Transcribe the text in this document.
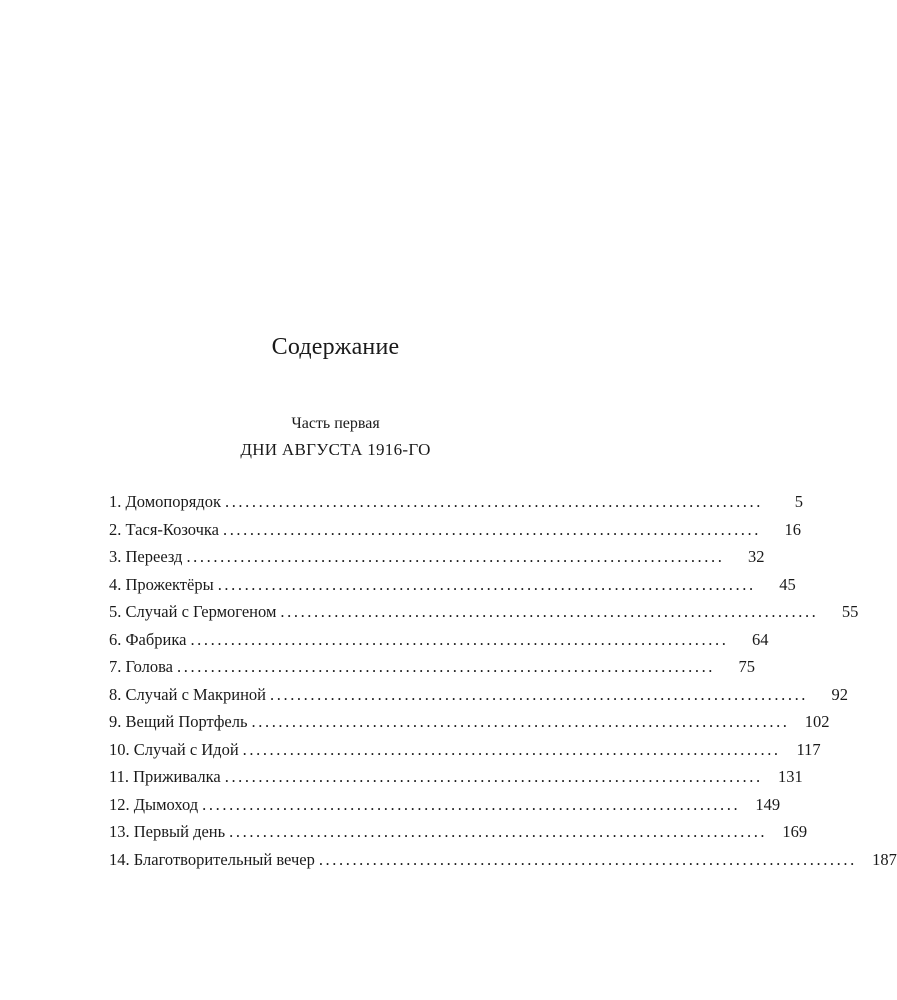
Содержание
Часть первая
ДНИ АВГУСТА 1916-ГО
1. Домопорядок ................................................................................	5
2. Тася-Козочка ................................................................................	16
3. Переезд ................................................................................	32
4. Прожектёры ................................................................................	45
5. Случай с Гермогеном ................................................................................	55
6. Фабрика ................................................................................	64
7. Голова ................................................................................	75
8. Случай с Макриной ................................................................................	92
9. Вещий Портфель ................................................................................ 102
10. Случай с Идой ................................................................................ 117
11. Приживалка ................................................................................ 131
12. Дымоход ................................................................................ 149
13. Первый день ................................................................................ 169
14. Благотворительный вечер ................................................................................ 187
